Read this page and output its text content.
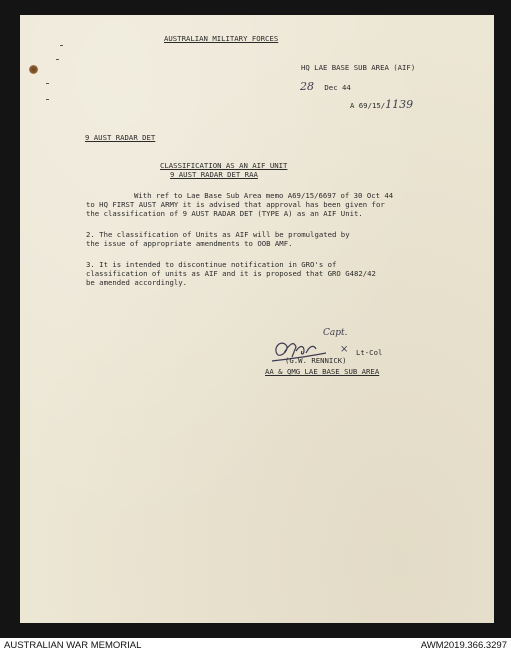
AUSTRALIAN MILITARY FORCES
HQ LAE BASE SUB AREA (AIF)
28 Dec 44
A 69/15/1139
9 AUST RADAR DET
CLASSIFICATION AS AN AIF UNIT
9 AUST RADAR DET RAA
With ref to Lae Base Sub Area memo A69/15/6697 of 30 Oct 44
to HQ FIRST AUST ARMY it is advised that approval has been given for
the classification of 9 AUST RADAR DET (TYPE A) as an AIF Unit.
2. The classification of Units as AIF will be promulgated by
the issue of appropriate amendments to OOB AMF.
3. It is intended to discontinue notification in GRO's of
classification of units as AIF and it is proposed that GRO G482/42
be amended accordingly.
Capt.
× Lt-Col
(G.W. RENNICK)
AA & QMG LAE BASE SUB AREA
AUSTRALIAN WAR MEMORIAL	AWM2019.366.3297
